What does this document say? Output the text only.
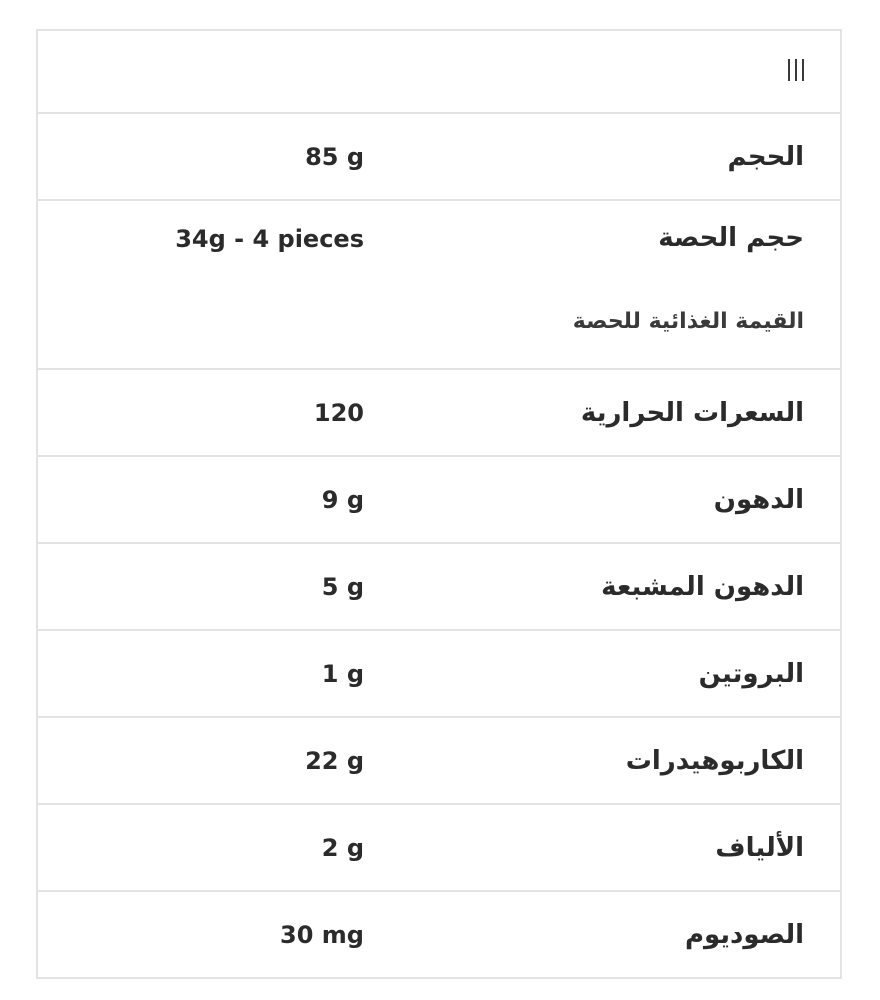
الحجم
85 g
حجم الحصة
34g - 4 pieces
القيمة الغذائية للحصة
السعرات الحرارية
120
الدهون
9 g
الدهون المشبعة
5 g
البروتين
1 g
الكاربوهيدرات
22 g
الألياف
2 g
الصوديوم
30 mg
